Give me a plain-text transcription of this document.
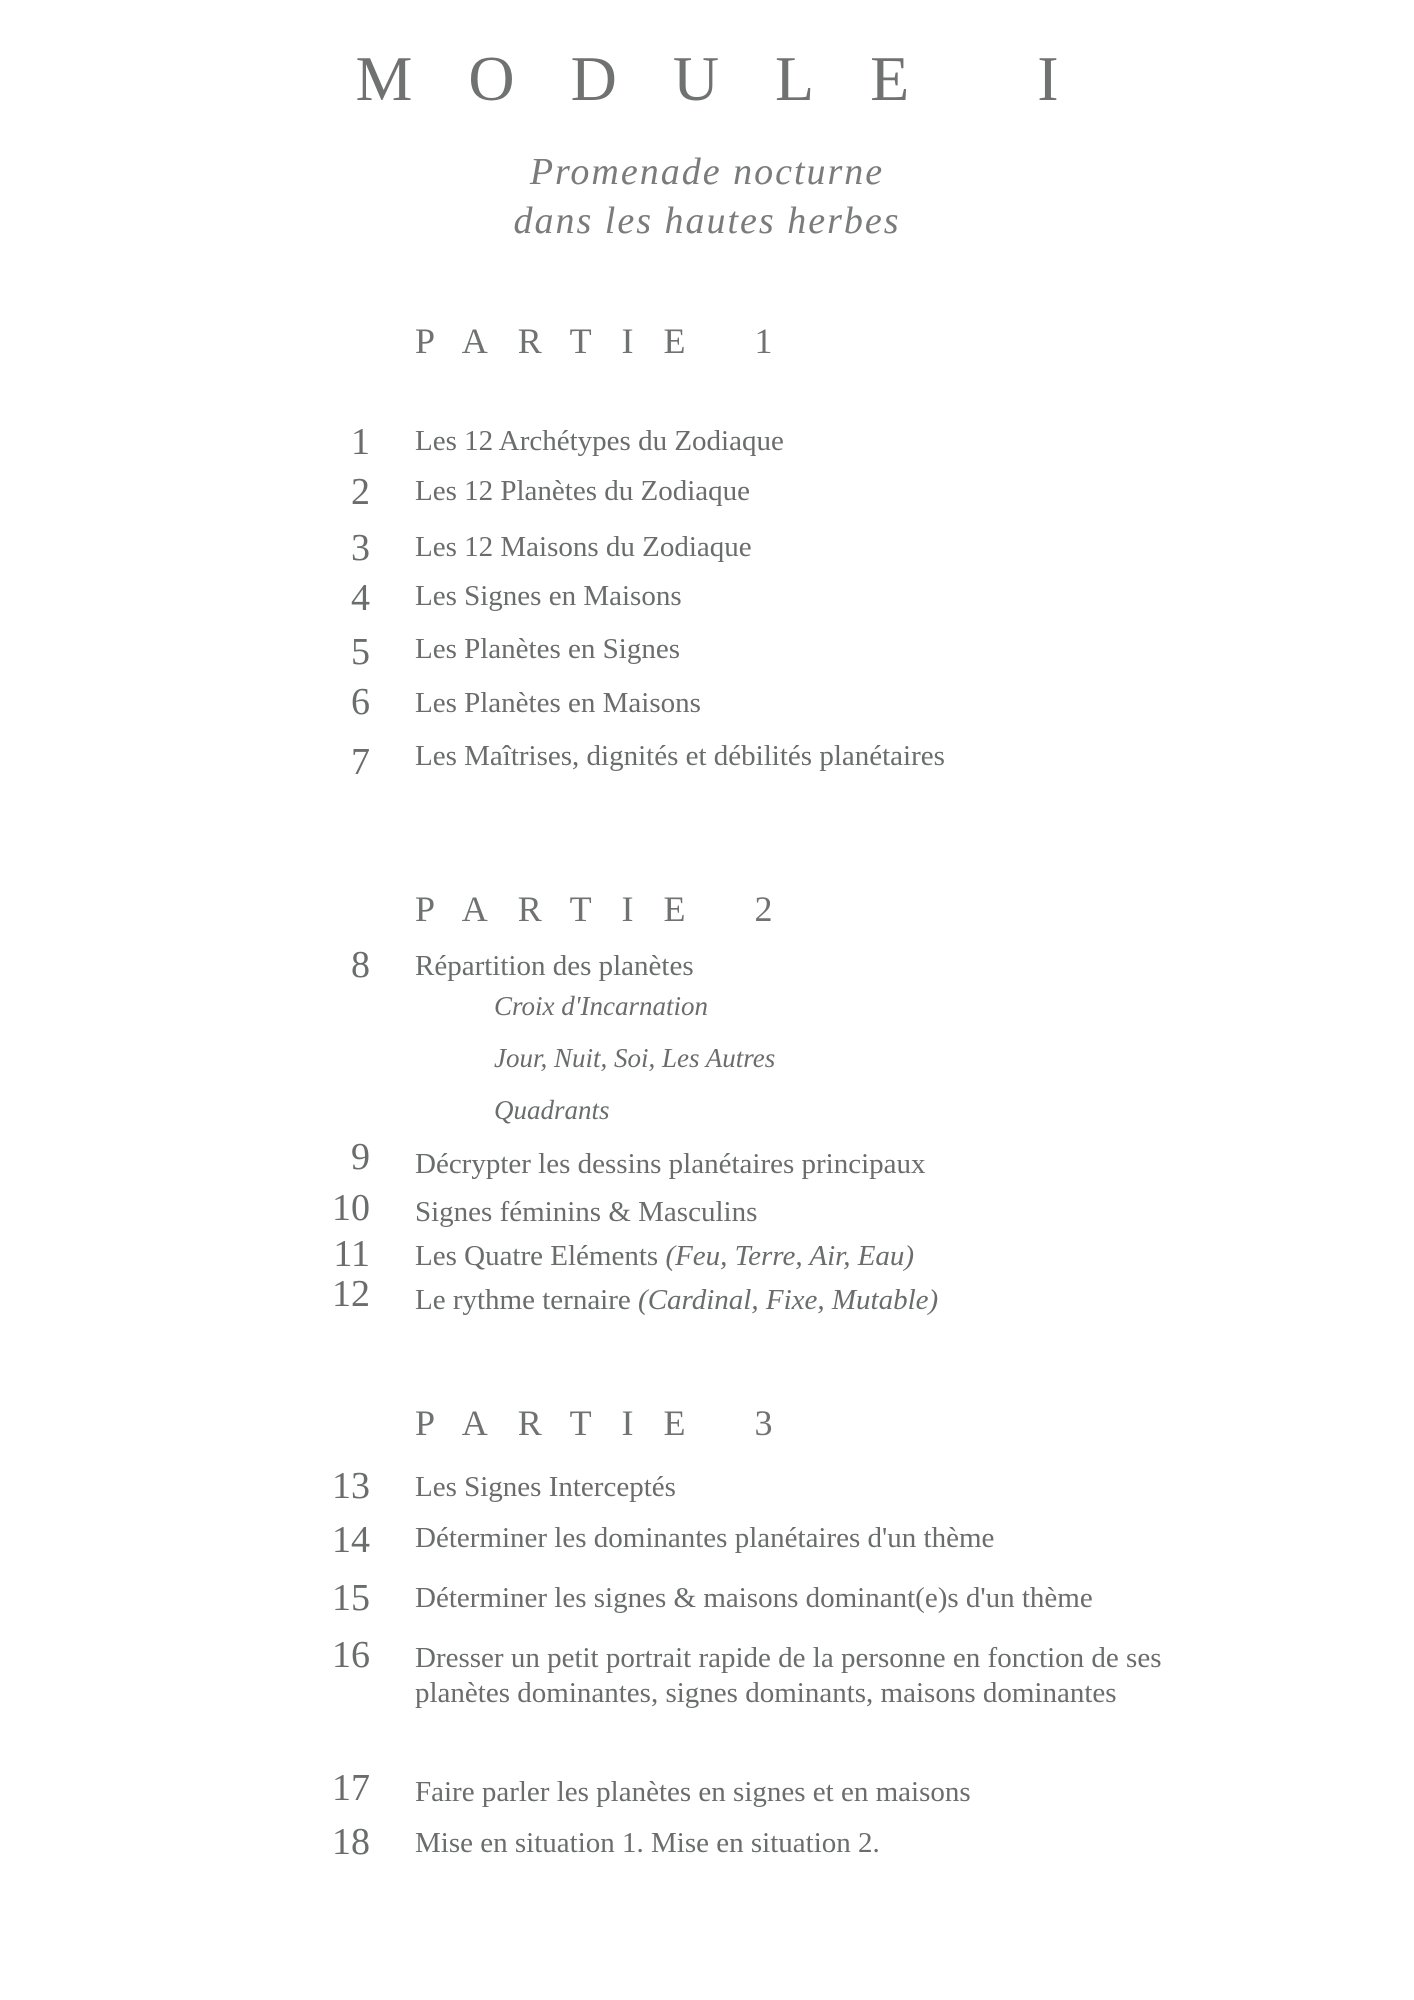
MODULE I
Promenade nocturne
dans les hautes herbes
PARTIE 1
1 Les 12 Archétypes du Zodiaque
2 Les 12 Planètes du Zodiaque
3 Les 12 Maisons du Zodiaque
4 Les Signes en Maisons
5 Les Planètes en Signes
6 Les Planètes en Maisons
7 Les Maîtrises, dignités et débilités planétaires
PARTIE 2
8 Répartition des planètes
Croix d'Incarnation
Jour, Nuit, Soi, Les Autres
Quadrants
9 Décrypter les dessins planétaires principaux
10 Signes féminins & Masculins
11 Les Quatre Eléments (Feu, Terre, Air, Eau)
12 Le rythme ternaire (Cardinal, Fixe, Mutable)
PARTIE 3
13 Les Signes Interceptés
14 Déterminer les dominantes planétaires d'un thème
15 Déterminer les signes & maisons dominant(e)s d'un thème
16 Dresser un petit portrait rapide de la personne en fonction de ses planètes dominantes, signes dominants, maisons dominantes
17 Faire parler les planètes en signes et en maisons
18 Mise en situation 1. Mise en situation 2.
